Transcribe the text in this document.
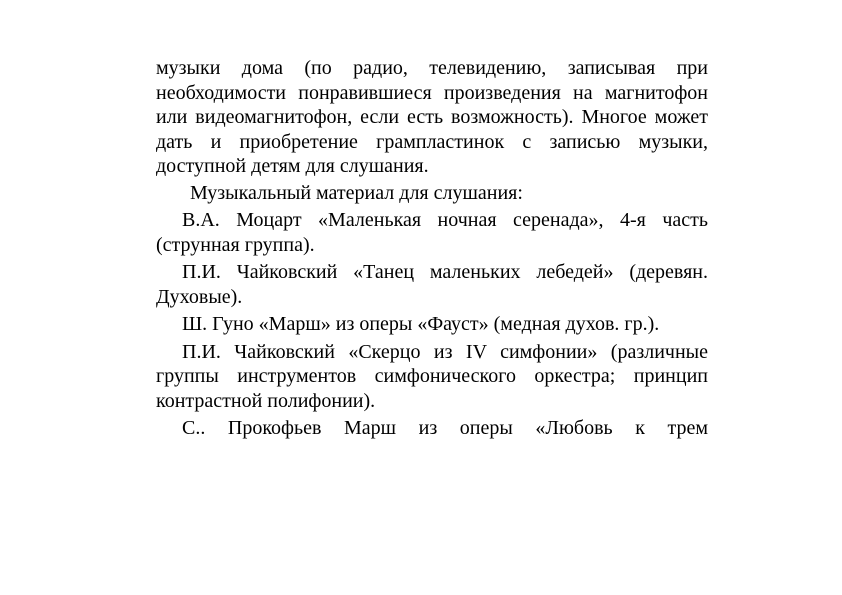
музыки дома (по радио, телевидению, записывая при необходимости понравившиеся произведения на магнитофон или видеомагнитофон, если есть возможность). Многое может дать и приобретение грампластинок с записью музыки, доступной детям для слушания.

Музыкальный материал для слушания:

В.А. Моцарт «Маленькая ночная серенада», 4-я часть (струнная группа).

П.И. Чайковский «Танец маленьких лебедей» (деревян. Духовые).

Ш. Гуно «Марш» из оперы «Фауст» (медная духов. гр.).

П.И. Чайковский «Скерцо из IV симфонии» (различные группы инструментов симфонического оркестра; принцип контрастной полифонии).

С.. Прокофьев Марш из оперы «Любовь к трем
